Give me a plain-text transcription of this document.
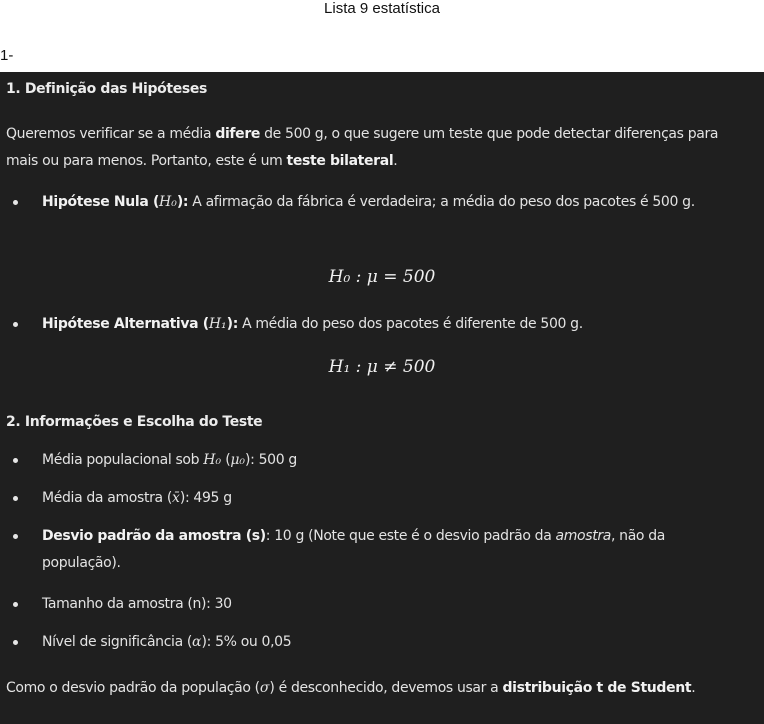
Lista 9 estatística
1-
1. Definição das Hipóteses
Queremos verificar se a média difere de 500 g, o que sugere um teste que pode detectar diferenças para mais ou para menos. Portanto, este é um teste bilateral.
Hipótese Nula (H₀): A afirmação da fábrica é verdadeira; a média do peso dos pacotes é 500 g.
H₀ : μ = 500
Hipótese Alternativa (H₁): A média do peso dos pacotes é diferente de 500 g.
H₁ : μ ≠ 500
2. Informações e Escolha do Teste
Média populacional sob H₀ (μ₀): 500 g
Média da amostra (x̄): 495 g
Desvio padrão da amostra (s): 10 g (Note que este é o desvio padrão da amostra, não da população).
Tamanho da amostra (n): 30
Nível de significância (α): 5% ou 0,05
Como o desvio padrão da população (σ) é desconhecido, devemos usar a distribuição t de Student.
